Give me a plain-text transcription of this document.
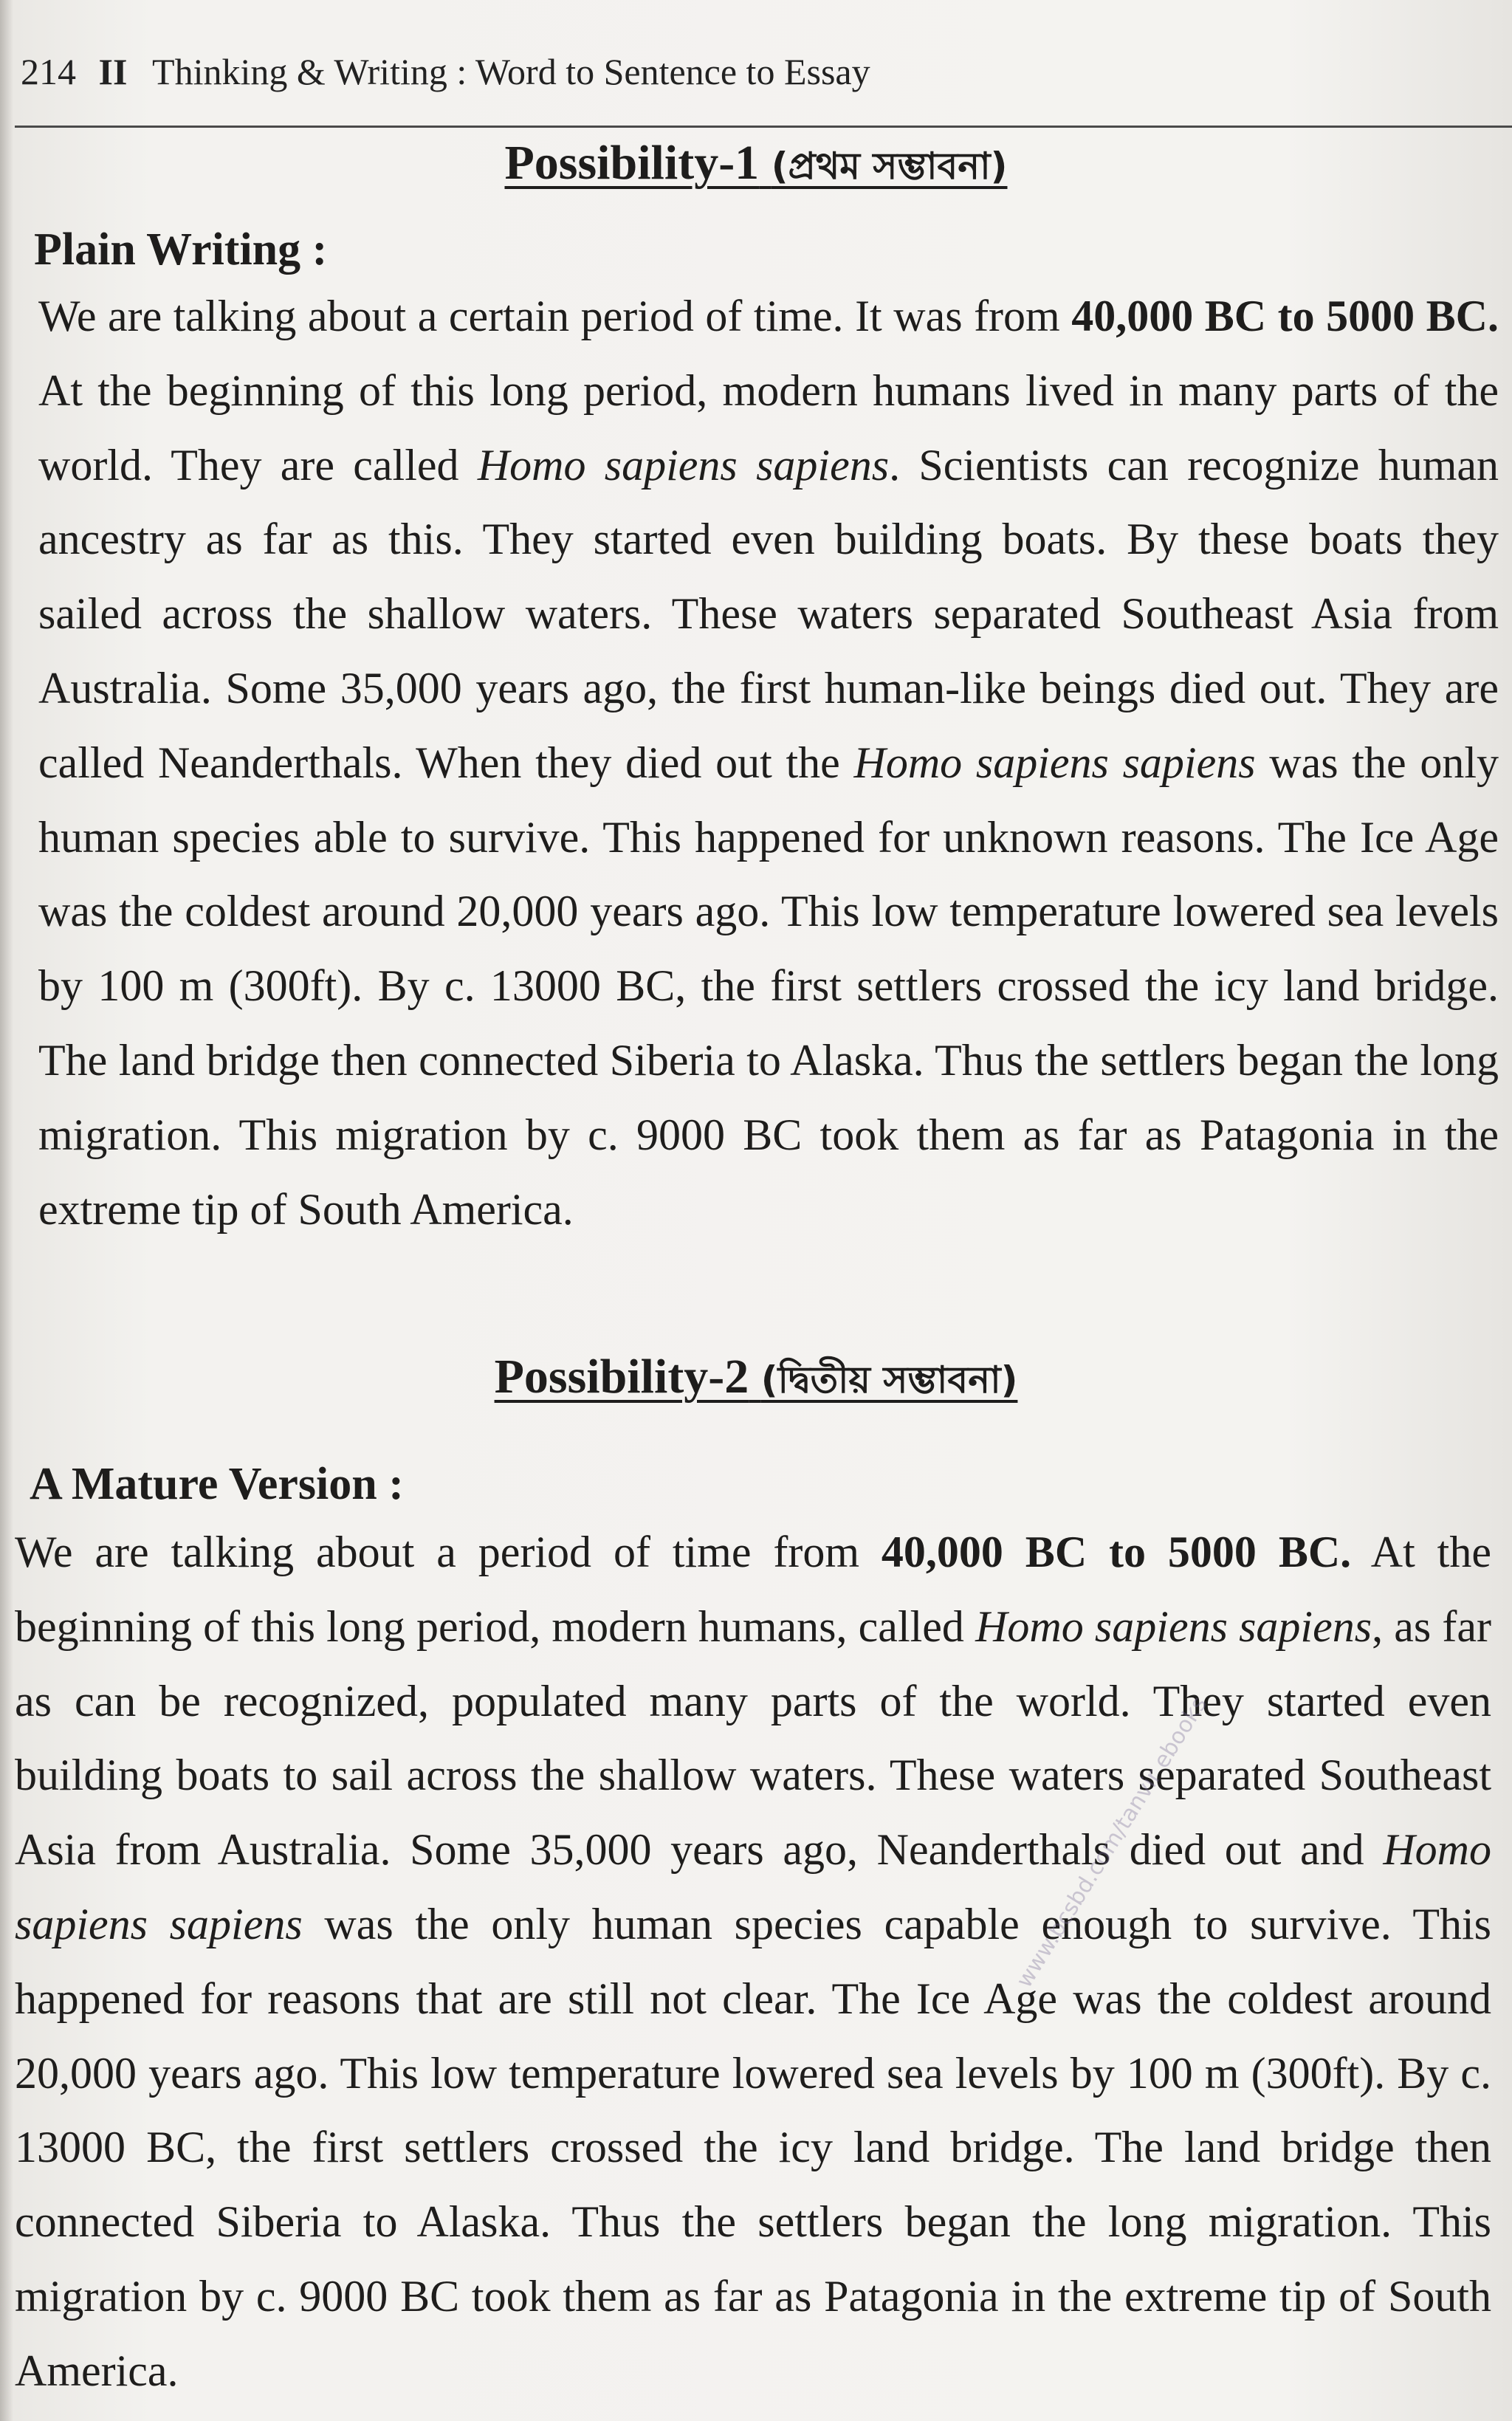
214 II Thinking & Writing : Word to Sentence to Essay
Possibility-1 (প্রথম সম্ভাবনা)
Plain Writing :
We are talking about a certain period of time. It was from 40,000 BC to 5000 BC. At the beginning of this long period, modern humans lived in many parts of the world. They are called Homo sapiens sapiens. Scientists can recognize human ancestry as far as this. They started even building boats. By these boats they sailed across the shallow waters. These waters separated Southeast Asia from Australia. Some 35,000 years ago, the first human-like beings died out. They are called Neanderthals. When they died out the Homo sapiens sapiens was the only human species able to survive. This happened for unknown reasons. The Ice Age was the coldest around 20,000 years ago. This low temperature lowered sea levels by 100 m (300ft). By c. 13000 BC, the first settlers crossed the icy land bridge. The land bridge then connected Siberia to Alaska. Thus the settlers began the long migration. This migration by c. 9000 BC took them as far as Patagonia in the extreme tip of South America.
Possibility-2 (দ্বিতীয় সম্ভাবনা)
A Mature Version :
We are talking about a period of time from 40,000 BC to 5000 BC. At the beginning of this long period, modern humans, called Homo sapiens sapiens, as far as can be recognized, populated many parts of the world. They started even building boats to sail across the shallow waters. These waters separated Southeast Asia from Australia. Some 35,000 years ago, Neanderthals died out and Homo sapiens sapiens was the only human species capable enough to survive. This happened for reasons that are still not clear. The Ice Age was the coldest around 20,000 years ago. This low temperature lowered sea levels by 100 m (300ft). By c. 13000 BC, the first settlers crossed the icy land bridge. The land bridge then connected Siberia to Alaska. Thus the settlers began the long migration. This migration by c. 9000 BC took them as far as Patagonia in the extreme tip of South America.
www.bcsbd.com/tanvir ebooks
